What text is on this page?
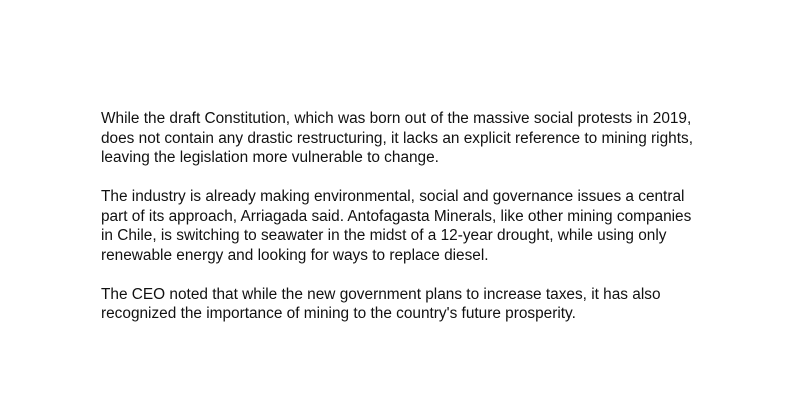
While the draft Constitution, which was born out of the massive social protests in 2019,
does not contain any drastic restructuring, it lacks an explicit reference to mining rights,
leaving the legislation more vulnerable to change.

The industry is already making environmental, social and governance issues a central
part of its approach, Arriagada said. Antofagasta Minerals, like other mining companies
in Chile, is switching to seawater in the midst of a 12-year drought, while using only
renewable energy and looking for ways to replace diesel.

The CEO noted that while the new government plans to increase taxes, it has also
recognized the importance of mining to the country's future prosperity.
